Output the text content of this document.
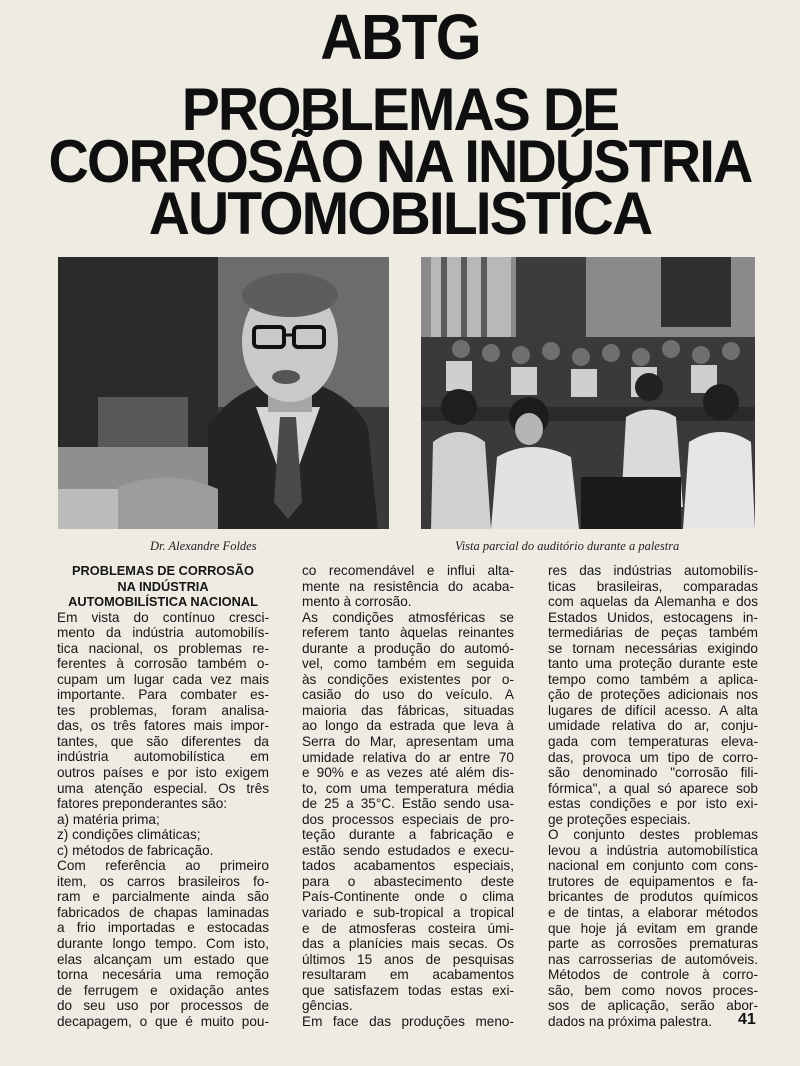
ABTG
PROBLEMAS DE
CORROSÃO NA INDÚSTRIA
AUTOMOBILISTÍCA
Dr. Alexandre Foldes	Vista parcial do auditório durante a palestra
PROBLEMAS DE CORROSÃO
NA INDÚSTRIA
AUTOMOBILÍSTICA NACIONAL
Em vista do contínuo cresci-
mento da indústria automobilís-
tica nacional, os problemas re-
ferentes à corrosão também o-
cupam um lugar cada vez mais
importante. Para combater es-
tes problemas, foram analisa-
das, os três fatores mais impor-
tantes, que são diferentes da
indústria automobilística em
outros países e por isto exigem
uma atenção especial. Os três
fatores preponderantes são:
a) matéria prima;
z) condições climáticas;
c) métodos de fabricação.
Com referência ao primeiro
item, os carros brasileiros fo-
ram e parcialmente ainda são
fabricados de chapas laminadas
a frio importadas e estocadas
durante longo tempo. Com isto,
elas alcançam um estado que
torna necesária uma remoção
de ferrugem e oxidação antes
do seu uso por processos de
decapagem, o que é muito pou-
co recomendável e influi alta-
mente na resistência do acaba-
mento à corrosão.
As condições atmosféricas se
referem tanto àquelas reinantes
durante a produção do automó-
vel, como também em seguida
às condições existentes por o-
casião do uso do veículo. A
maioria das fábricas, situadas
ao longo da estrada que leva à
Serra do Mar, apresentam uma
umidade relativa do ar entre 70
e 90% e as vezes até além dis-
to, com uma temperatura média
de 25 a 35°C. Estão sendo usa-
dos processos especiais de pro-
teção durante a fabricação e
estão sendo estudados e execu-
tados acabamentos especiais,
para o abastecimento deste
País-Continente onde o clima
variado e sub-tropical a tropical
e de atmosferas costeira úmi-
das a planícies mais secas. Os
últimos 15 anos de pesquisas
resultaram em acabamentos
que satisfazem todas estas exi-
gências.
Em face das produções meno-
res das indústrias automobilís-
ticas brasileiras, comparadas
com aquelas da Alemanha e dos
Estados Unidos, estocagens in-
termediárias de peças também
se tornam necessárias exigindo
tanto uma proteção durante este
tempo como também a aplica-
ção de proteções adicionais nos
lugares de difícil acesso. A alta
umidade relativa do ar, conju-
gada com temperaturas eleva-
das, provoca um tipo de corro-
são denominado "corrosão fili-
fórmica", a qual só aparece sob
estas condições e por isto exi-
ge proteções especiais.
O conjunto destes problemas
levou a indústria automobilística
nacional em conjunto com cons-
trutores de equipamentos e fa-
bricantes de produtos químicos
e de tintas, a elaborar métodos
que hoje já evitam em grande
parte as corrosões prematuras
nas carrosserias de automóveis.
Métodos de controle à corro-
são, bem como novos proces-
sos de aplicação, serão abor-
dados na próxima palestra.	41
